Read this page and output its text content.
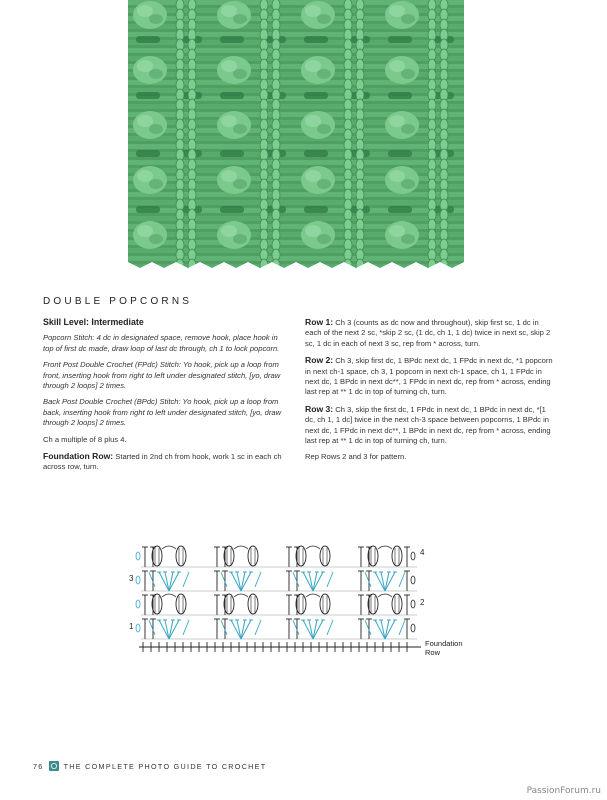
DOUBLE POPCORNS
Skill Level: Intermediate
Popcorn Stitch: 4 dc in designated space, remove hook, place hook in top of first dc made, draw loop of last dc through, ch 1 to lock popcorn.
Front Post Double Crochet (FPdc) Stitch: Yo hook, pick up a loop from front, inserting hook from right to left under designated stitch, [yo, draw through 2 loops] 2 times.
Back Post Double Crochet (BPdc) Stitch: Yo hook, pick up a loop from back, inserting hook from right to left under designated stitch, [yo, draw through 2 loops] 2 times.
Ch a multiple of 8 plus 4.
Foundation Row: Started in 2nd ch from hook, work 1 sc in each ch across row, turn.
Row 1: Ch 3 (counts as dc now and throughout), skip first sc, 1 dc in each of the next 2 sc, *skip 2 sc, (1 dc, ch 1, 1 dc) twice in next sc, skip 2 sc, 1 dc in each of next 3 sc, rep from * across, turn.
Row 2: Ch 3, skip first dc, 1 BPdc next dc, 1 FPdc in next dc, *1 popcorn in next ch-1 space, ch 3, 1 popcorn in next ch-1 space, ch 1, 1 FPdc in next dc, 1 BPdc in next dc**, 1 FPdc in next dc, rep from * across, ending last rep at ** 1 dc in top of turning ch, turn.
Row 3: Ch 3, skip the first dc, 1 FPdc in next dc, 1 BPdc in next dc, *[1 dc, ch 1, 1 dc] twice in the next ch-3 space between popcorns, 1 BPdc in next dc, 1 FPdc in next dc**, 1 BPdc in next dc, rep from * across, ending last rep at ** 1 dc in top of turning ch, turn.
Rep Rows 2 and 3 for pattern.
4
3
2
1
Foundation
Row
76	THE COMPLETE PHOTO GUIDE TO CROCHET
PassionForum.ru
